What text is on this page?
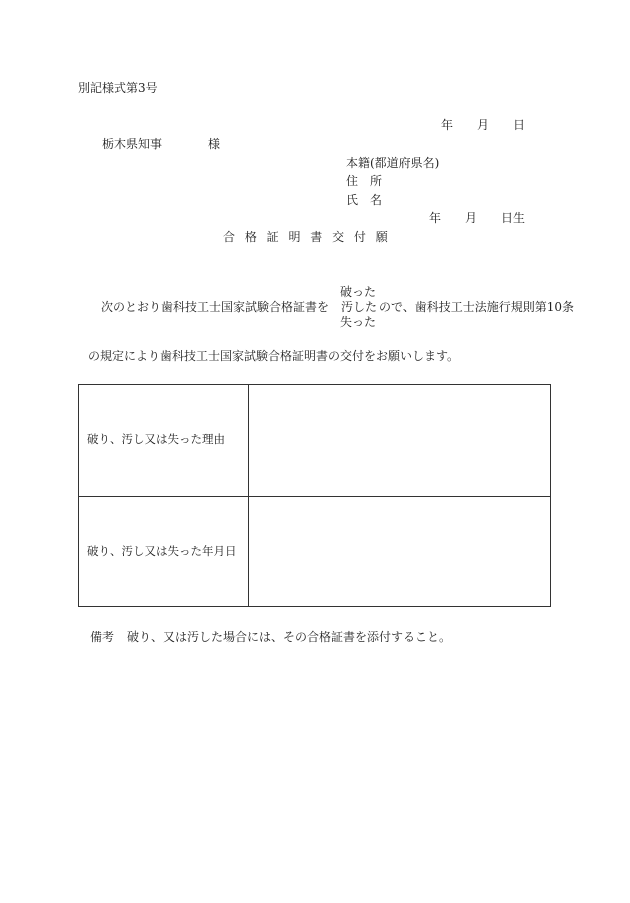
別記様式第3号
年 月 日
栃木県知事	様
本籍(都道府県名)
住　所
氏　名
年 月 日生
合 格 証 明 書 交 付 願
破った
次のとおり歯科技工士国家試験合格証書を 汚した ので、歯科技工士法施行規則第10条
失った
の規定により歯科技工士国家試験合格証明書の交付をお願いします。
破り、汚し又は失った理由
破り、汚し又は失った年月日
備考 破り、又は汚した場合には、その合格証書を添付すること。
